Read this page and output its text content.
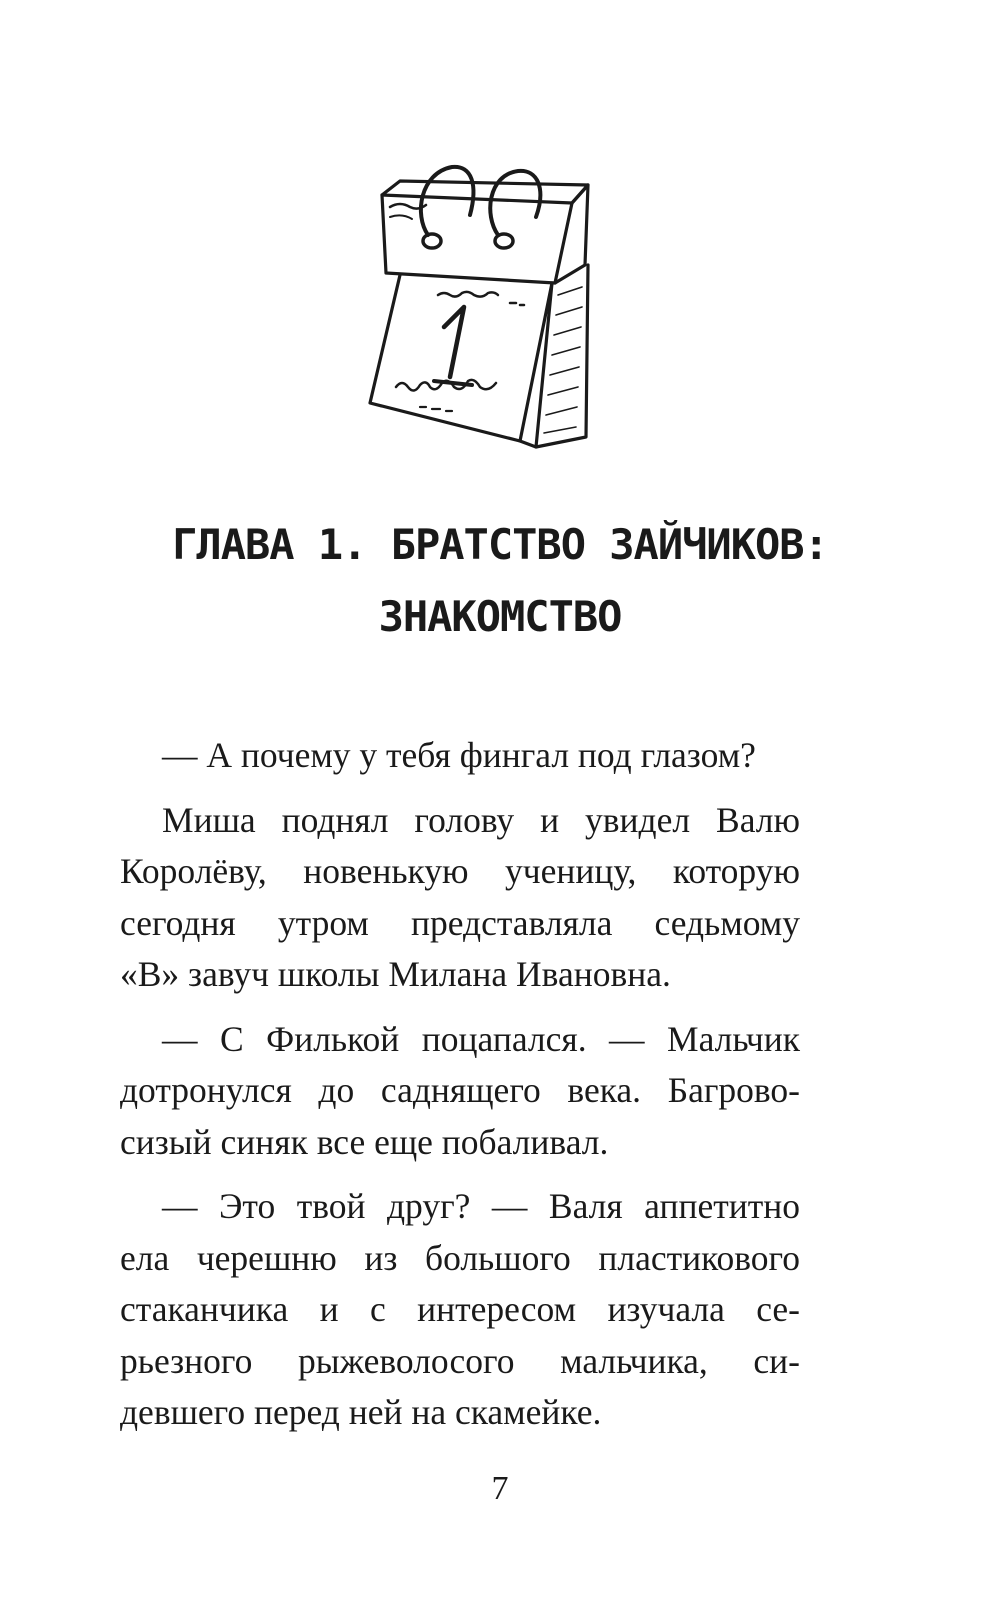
ГЛАВА 1. БРАТСТВО ЗАЙЧИКОВ:
ЗНАКОМСТВО

— А почему у тебя фингал под глазом?

Миша поднял голову и увидел Валю
Королёву, новенькую ученицу, которую
сегодня утром представляла седьмому
«В» завуч школы Милана Ивановна.

— С Филькой поцапался. — Мальчик
дотронулся до саднящего века. Багрово-
сизый синяк все еще побаливал.

— Это твой друг? — Валя аппетитно
ела черешню из большого пластикового
стаканчика и с интересом изучала се-
рьезного рыжеволосого мальчика, си-
девшего перед ней на скамейке.

7
